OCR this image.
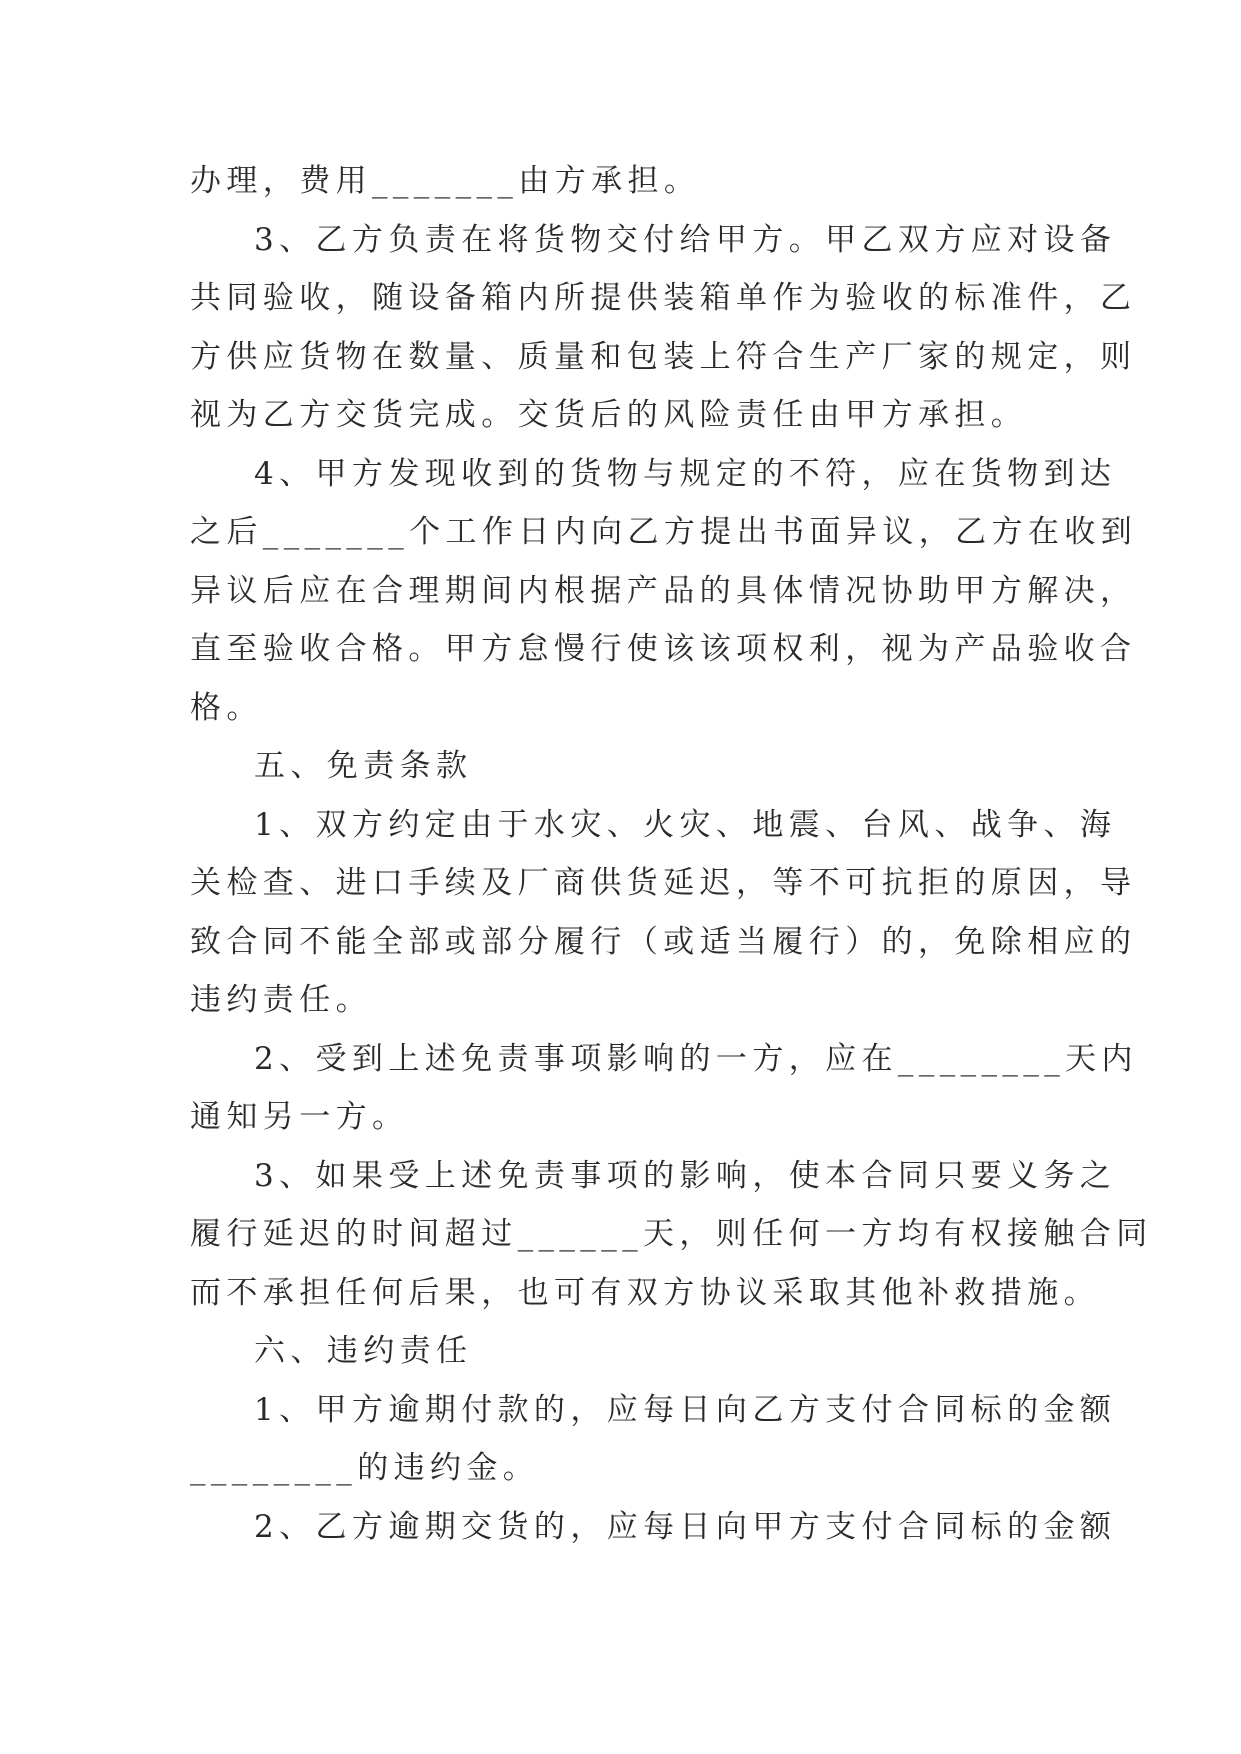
办理，费用_______由方承担。
3、乙方负责在将货物交付给甲方。甲乙双方应对设备
共同验收，随设备箱内所提供装箱单作为验收的标准件，乙
方供应货物在数量、质量和包装上符合生产厂家的规定，则
视为乙方交货完成。交货后的风险责任由甲方承担。
4、甲方发现收到的货物与规定的不符，应在货物到达
之后_______个工作日内向乙方提出书面异议，乙方在收到
异议后应在合理期间内根据产品的具体情况协助甲方解决，
直至验收合格。甲方怠慢行使该该项权利，视为产品验收合
格。
五、免责条款
1、双方约定由于水灾、火灾、地震、台风、战争、海
关检查、进口手续及厂商供货延迟，等不可抗拒的原因，导
致合同不能全部或部分履行（或适当履行）的，免除相应的
违约责任。
2、受到上述免责事项影响的一方，应在________天内
通知另一方。
3、如果受上述免责事项的影响，使本合同只要义务之
履行延迟的时间超过______天，则任何一方均有权接触合同
而不承担任何后果，也可有双方协议采取其他补救措施。
六、违约责任
1、甲方逾期付款的，应每日向乙方支付合同标的金额
________的违约金。
2、乙方逾期交货的，应每日向甲方支付合同标的金额
